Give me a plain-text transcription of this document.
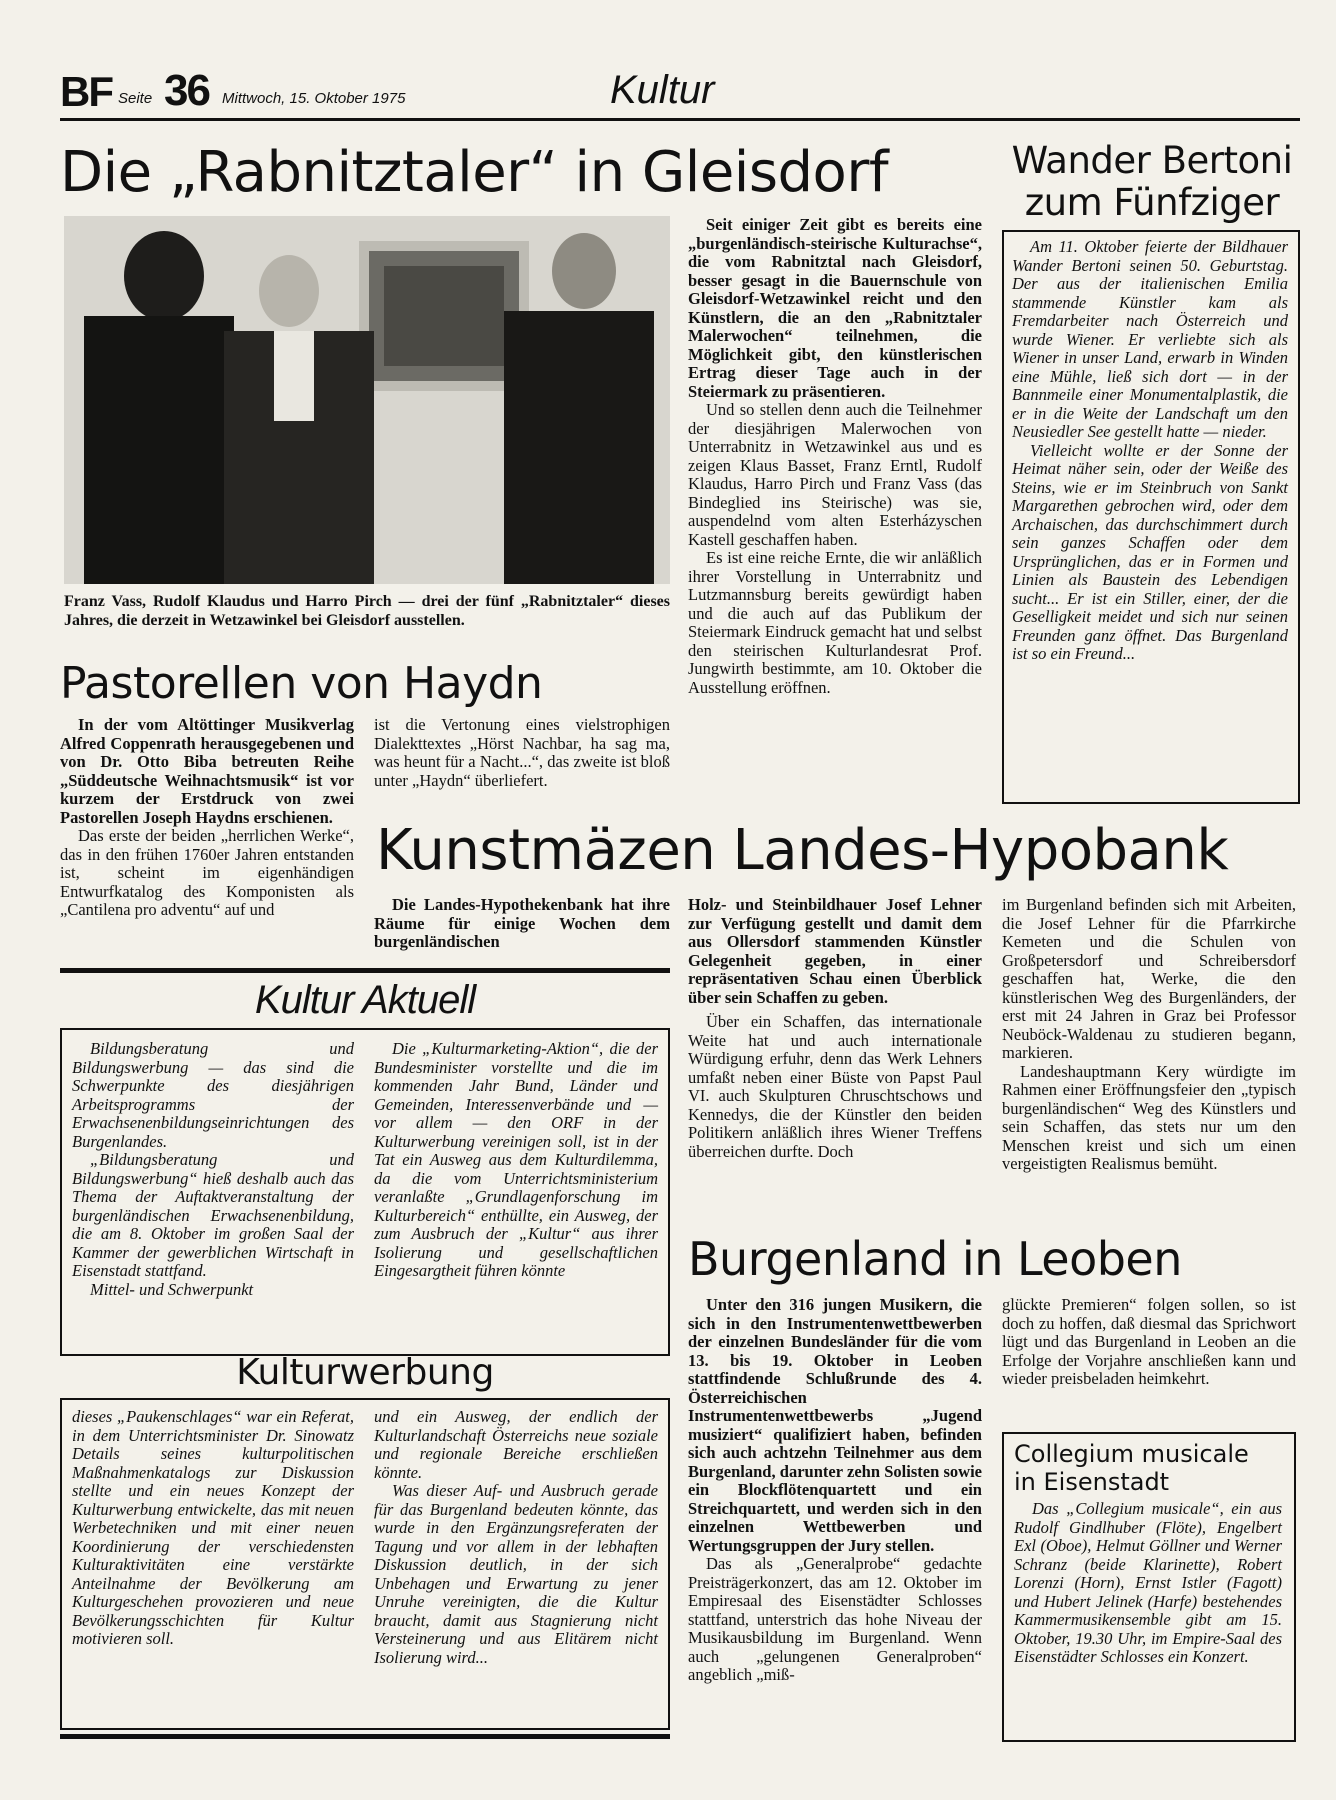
BF Seite 36 Mittwoch, 15. Oktober 1975	Kultur
Die „Rabnitztaler“ in Gleisdorf

Franz Vass, Rudolf Klaudus und Harro Pirch — drei der fünf „Rabnitztaler“ dieses Jahres, die derzeit in Wetzawinkel bei Gleisdorf ausstellen.

Seit einiger Zeit gibt es bereits eine „burgenländisch-steirische Kulturachse“, die vom Rabnitztal nach Gleisdorf, besser gesagt in die Bauernschule von Gleisdorf-Wetzawinkel reicht und den Künstlern, die an den „Rabnitztaler Malerwochen“ teilnehmen, die Möglichkeit gibt, den künstlerischen Ertrag dieser Tage auch in der Steiermark zu präsentieren.

Und so stellen denn auch die Teilnehmer der diesjährigen Malerwochen von Unterrabnitz in Wetzawinkel aus und es zeigen Klaus Basset, Franz Erntl, Rudolf Klaudus, Harro Pirch und Franz Vass (das Bindeglied ins Steirische) was sie, auspendelnd vom alten Esterházyschen Kastell geschaffen haben.

Es ist eine reiche Ernte, die wir anläßlich ihrer Vorstellung in Unterrabnitz und Lutzmannsburg bereits gewürdigt haben und die auch auf das Publikum der Steiermark Eindruck gemacht hat und selbst den steirischen Kulturlandesrat Prof. Jungwirth bestimmte, am 10. Oktober die Ausstellung eröffnen.

Wander Bertoni
zum Fünfziger

Am 11. Oktober feierte der Bildhauer Wander Bertoni seinen 50. Geburtstag. Der aus der italienischen Emilia stammende Künstler kam als Fremdarbeiter nach Österreich und wurde Wiener. Er verliebte sich als Wiener in unser Land, erwarb in Winden eine Mühle, ließ sich dort — in der Bannmeile einer Monumentalplastik, die er in die Weite der Landschaft um den Neusiedler See gestellt hatte — nieder.

Vielleicht wollte er der Sonne der Heimat näher sein, oder der Weiße des Steins, wie er im Steinbruch von Sankt Margarethen gebrochen wird, oder dem Archaischen, das durchschimmert durch sein ganzes Schaffen oder dem Ursprünglichen, das er in Formen und Linien als Baustein des Lebendigen sucht... Er ist ein Stiller, einer, der die Geselligkeit meidet und sich nur seinen Freunden ganz öffnet. Das Burgenland ist so ein Freund...

Pastorellen von Haydn

In der vom Altöttinger Musikverlag Alfred Coppenrath herausgegebenen und von Dr. Otto Biba betreuten Reihe „Süddeutsche Weihnachtsmusik“ ist vor kurzem der Erstdruck von zwei Pastorellen Joseph Haydns erschienen.

Das erste der beiden „herrlichen Werke“, das in den frühen 1760er Jahren entstanden ist, scheint im eigenhändigen Entwurfkatalog des Komponisten als „Cantilena pro adventu“ auf und

ist die Vertonung eines vielstrophigen Dialekttextes „Hörst Nachbar, ha sag ma, was heunt für a Nacht...“, das zweite ist bloß unter „Haydn“ überliefert.

Kunstmäzen Landes-Hypobank

Die Landes-Hypothekenbank hat ihre Räume für einige Wochen dem burgenländischen

Holz- und Steinbildhauer Josef Lehner zur Verfügung gestellt und damit dem aus Ollersdorf stammenden Künstler Gelegenheit gegeben, in einer repräsentativen Schau einen Überblick über sein Schaffen zu geben.

Über ein Schaffen, das internationale Weite hat und auch internationale Würdigung erfuhr, denn das Werk Lehners umfaßt neben einer Büste von Papst Paul VI. auch Skulpturen Chruschtschows und Kennedys, die der Künstler den beiden Politikern anläßlich ihres Wiener Treffens überreichen durfte. Doch

im Burgenland befinden sich mit Arbeiten, die Josef Lehner für die Pfarrkirche Kemeten und die Schulen von Großpetersdorf und Schreibersdorf geschaffen hat, Werke, die den künstlerischen Weg des Burgenländers, der erst mit 24 Jahren in Graz bei Professor Neuböck-Waldenau zu studieren begann, markieren.

Landeshauptmann Kery würdigte im Rahmen einer Eröffnungsfeier den „typisch burgenländischen“ Weg des Künstlers und sein Schaffen, das stets nur um den Menschen kreist und sich um einen vergeistigten Realismus bemüht.

Kultur Aktuell

Bildungsberatung und Bildungswerbung — das sind die Schwerpunkte des diesjährigen Arbeitsprogramms der Erwachsenenbildungseinrichtungen des Burgenlandes.

„Bildungsberatung und Bildungswerbung“ hieß deshalb auch das Thema der Auftaktveranstaltung der burgenländischen Erwachsenenbildung, die am 8. Oktober im großen Saal der Kammer der gewerblichen Wirtschaft in Eisenstadt stattfand.

Mittel- und Schwerpunkt

Die „Kulturmarketing-Aktion“, die der Bundesminister vorstellte und die im kommenden Jahr Bund, Länder und Gemeinden, Interessenverbände und — vor allem — den ORF in der Kulturwerbung vereinigen soll, ist in der Tat ein Ausweg aus dem Kulturdilemma, da die vom Unterrichtsministerium veranlaßte „Grundlagenforschung im Kulturbereich“ enthüllte, ein Ausweg, der zum Ausbruch der „Kultur“ aus ihrer Isolierung und gesellschaftlichen Eingesargtheit führen könnte

Kulturwerbung

dieses „Paukenschlages“ war ein Referat, in dem Unterrichtsminister Dr. Sinowatz Details seines kulturpolitischen Maßnahmenkatalogs zur Diskussion stellte und ein neues Konzept der Kulturwerbung entwickelte, das mit neuen Werbetechniken und mit einer neuen Koordinierung der verschiedensten Kulturaktivitäten eine verstärkte Anteilnahme der Bevölkerung am Kulturgeschehen provozieren und neue Bevölkerungsschichten für Kultur motivieren soll.

und ein Ausweg, der endlich der Kulturlandschaft Österreichs neue soziale und regionale Bereiche erschließen könnte.

Was dieser Auf- und Ausbruch gerade für das Burgenland bedeuten könnte, das wurde in den Ergänzungsreferaten der Tagung und vor allem in der lebhaften Diskussion deutlich, in der sich Unbehagen und Erwartung zu jener Unruhe vereinigten, die die Kultur braucht, damit aus Stagnierung nicht Versteinerung und aus Elitärem nicht Isolierung wird...

Burgenland in Leoben

Unter den 316 jungen Musikern, die sich in den Instrumentenwettbewerben der einzelnen Bundesländer für die vom 13. bis 19. Oktober in Leoben stattfindende Schlußrunde des 4. Österreichischen Instrumentenwettbewerbs „Jugend musiziert“ qualifiziert haben, befinden sich auch achtzehn Teilnehmer aus dem Burgenland, darunter zehn Solisten sowie ein Blockflötenquartett und ein Streichquartett, und werden sich in den einzelnen Wettbewerben und Wertungsgruppen der Jury stellen.

Das als „Generalprobe“ gedachte Preisträgerkonzert, das am 12. Oktober im Empiresaal des Eisenstädter Schlosses stattfand, unterstrich das hohe Niveau der Musikausbildung im Burgenland. Wenn auch „gelungenen Generalproben“ angeblich „miß-

glückte Premieren“ folgen sollen, so ist doch zu hoffen, daß diesmal das Sprichwort lügt und das Burgenland in Leoben an die Erfolge der Vorjahre anschließen kann und wieder preisbeladen heimkehrt.

Collegium musicale
in Eisenstadt

Das „Collegium musicale“, ein aus Rudolf Gindlhuber (Flöte), Engelbert Exl (Oboe), Helmut Göllner und Werner Schranz (beide Klarinette), Robert Lorenzi (Horn), Ernst Istler (Fagott) und Hubert Jelinek (Harfe) bestehendes Kammermusikensemble gibt am 15. Oktober, 19.30 Uhr, im Empire-Saal des Eisenstädter Schlosses ein Konzert.
